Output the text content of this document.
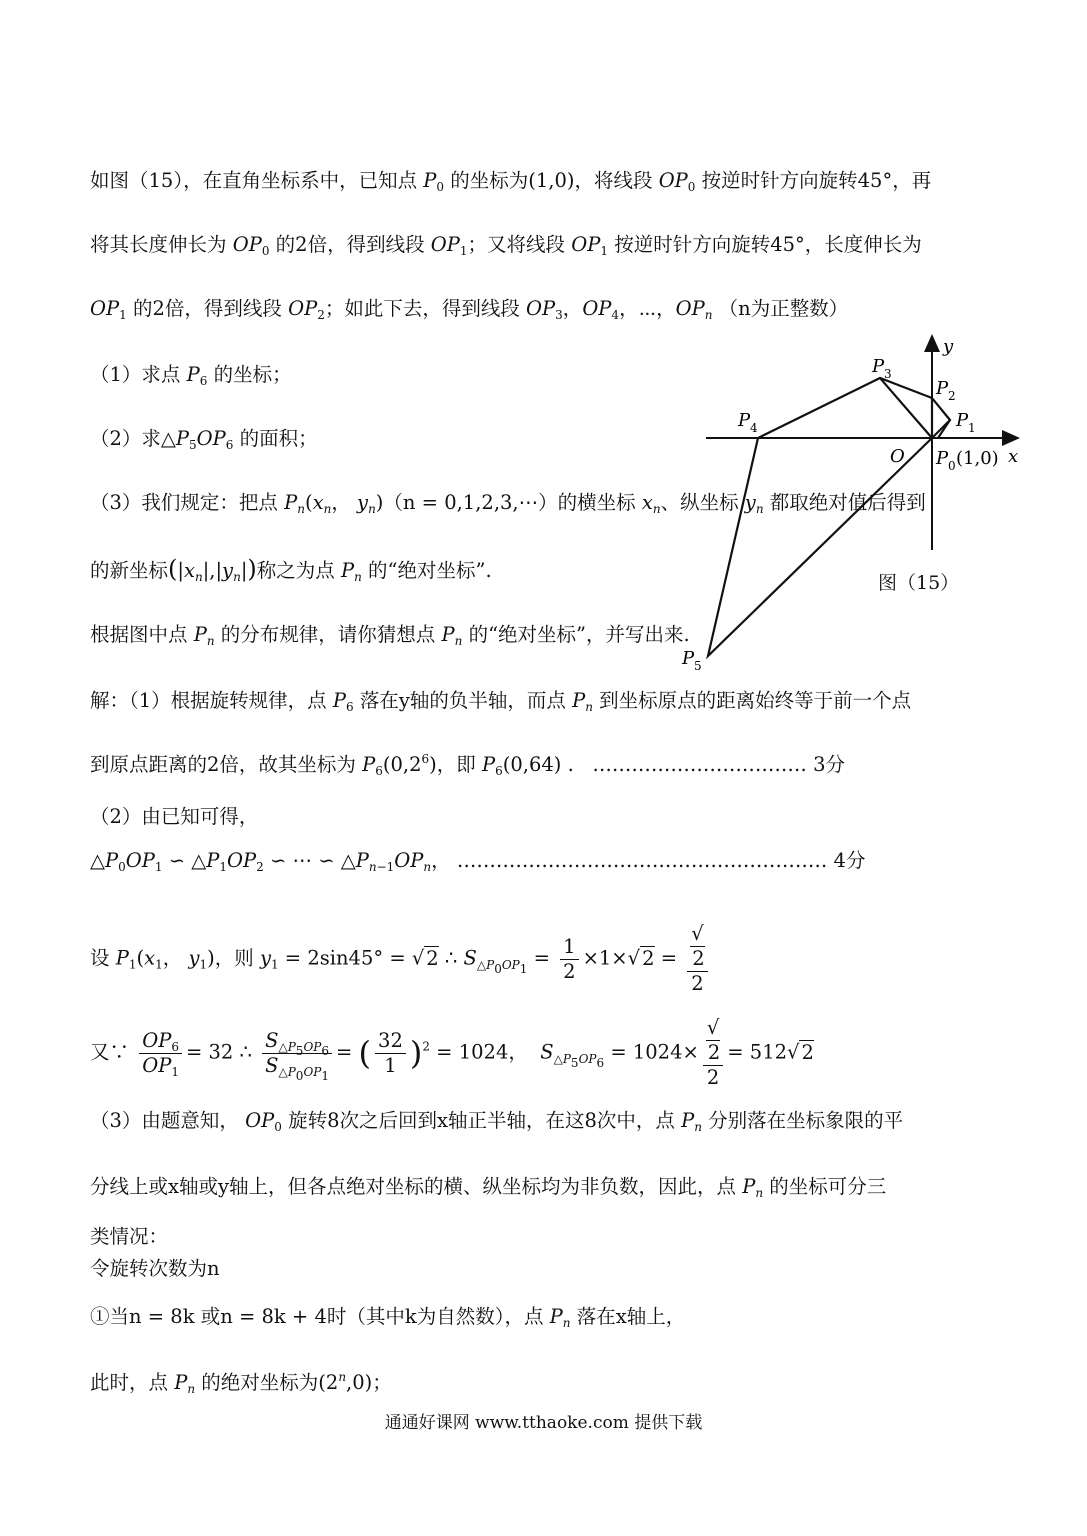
如图（15），在直角坐标系中，已知点 $P_0$ 的坐标为(1,0)，将线段 $OP_0$ 按逆时针方向旋转45°，再
将其长度伸长为 $OP_0$ 的2倍，得到线段 $OP_1$；又将线段 $OP_1$ 按逆时针方向旋转45°，长度伸长为
$OP_1$ 的2倍，得到线段 $OP_2$；如此下去，得到线段 $OP_3$，$OP_4$，⋯，$OP_n$ （n为正整数）
（1）求点 $P_6$ 的坐标；
（2）求$\triangle P_5OP_6$ 的面积；
（3）我们规定：把点 $P_n(x_n$， $y_n)(n$ = 0,1,2,3,⋯）的横坐标 $x_n$、纵坐标 $y_n$ 都取绝对值后得到
的新坐标$(|x_n|,|y_n|)$称之为点 $P_n$ 的“绝对坐标”.
根据图中点 $P_n$ 的分布规律，请你猜想点 $P_n$ 的“绝对坐标”，并写出来.
解：（1）根据旋转规律，点 $P_6$ 落在y轴的负半轴，而点 $P_n$ 到坐标原点的距离始终等于前一个点
到原点距离的2倍，故其坐标为 $P_6(0,2^6)$，即 $P_6(0,64)$ .   …………………………… 3分
（2）由已知可得，
$\triangle P_0OP_1$ ∽ $\triangle P_1OP_2$ ∽ ⋯ ∽ $\triangle P_{n-1}OP_n$， ………………………………………………… 4分
设 $P_1(x_1$， $y_1$)，则 $y_1 = 2\sin 45^\circ$ = √ 2 ∴ $S_{\triangle P_0OP_1} = \frac{1}{2} \times 1\times√$ 2 = √
2
2
又∵ $\frac{OP_6}{OP_1} = 32$ ∴ $\frac{S_{\triangle P_5OP_6}}{S_{\triangle P_0OP_1}}$ = ( $\frac{32}{1} )^2 = 1024$，  $S_{\triangle P_5OP_6} = 1024\times$ √
2
2 = 512√ 2
（3）由题意知， $OP_0$ 旋转8次之后回到x轴正半轴，在这8次中，点 $P_n$ 分别落在坐标象限的平
分线上或x轴或y轴上，但各点绝对坐标的横、纵坐标均为非负数，因此，点 $P_n$ 的坐标可分三
类情况：
令旋转次数为n
①当n = 8k 或n = 8k + 4时（其中k为自然数），点 $P_n$ 落在x轴上，
此时，点 $P_n$ 的绝对坐标为(2$^n$,0)；
y
x
O P 0 (1,0)
P 1
P 2
P 3
P 4
P 5
图（15）
通通好课网 www.tthaoke.com 提供下载
